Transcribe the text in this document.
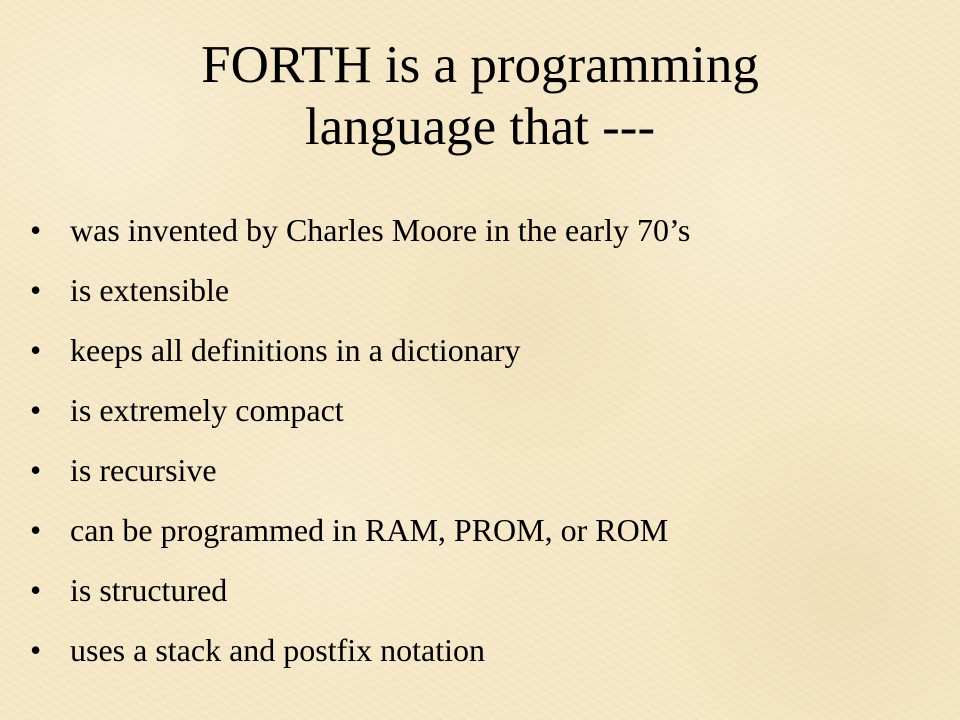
FORTH is a programming
language that ---
• was invented by Charles Moore in the early 70’s
• is extensible
• keeps all definitions in a dictionary
• is extremely compact
• is recursive
• can be programmed in RAM, PROM, or ROM
• is structured
• uses a stack and postfix notation
